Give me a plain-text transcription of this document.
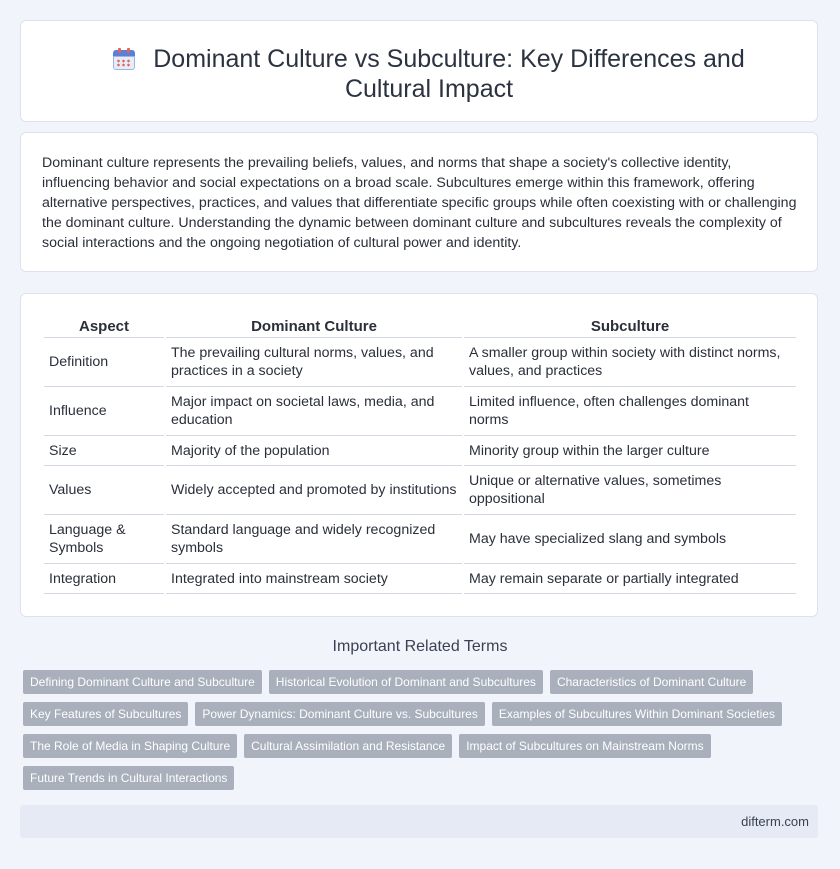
Dominant Culture vs Subculture: Key Differences and Cultural Impact

Dominant culture represents the prevailing beliefs, values, and norms that shape a society's collective identity, influencing behavior and social expectations on a broad scale. Subcultures emerge within this framework, offering alternative perspectives, practices, and values that differentiate specific groups while often coexisting with or challenging the dominant culture. Understanding the dynamic between dominant culture and subcultures reveals the complexity of social interactions and the ongoing negotiation of cultural power and identity.

Aspect	Dominant Culture	Subculture
Definition	The prevailing cultural norms, values, and practices in a society	A smaller group within society with distinct norms, values, and practices
Influence	Major impact on societal laws, media, and education	Limited influence, often challenges dominant norms
Size	Majority of the population	Minority group within the larger culture
Values	Widely accepted and promoted by institutions	Unique or alternative values, sometimes oppositional
Language & Symbols	Standard language and widely recognized symbols	May have specialized slang and symbols
Integration	Integrated into mainstream society	May remain separate or partially integrated
Important Related Terms
Defining Dominant Culture and Subculture	Historical Evolution of Dominant and Subcultures	Characteristics of Dominant Culture
Key Features of Subcultures	Power Dynamics: Dominant Culture vs. Subcultures	Examples of Subcultures Within Dominant Societies
The Role of Media in Shaping Culture	Cultural Assimilation and Resistance	Impact of Subcultures on Mainstream Norms
Future Trends in Cultural Interactions
difterm.com
